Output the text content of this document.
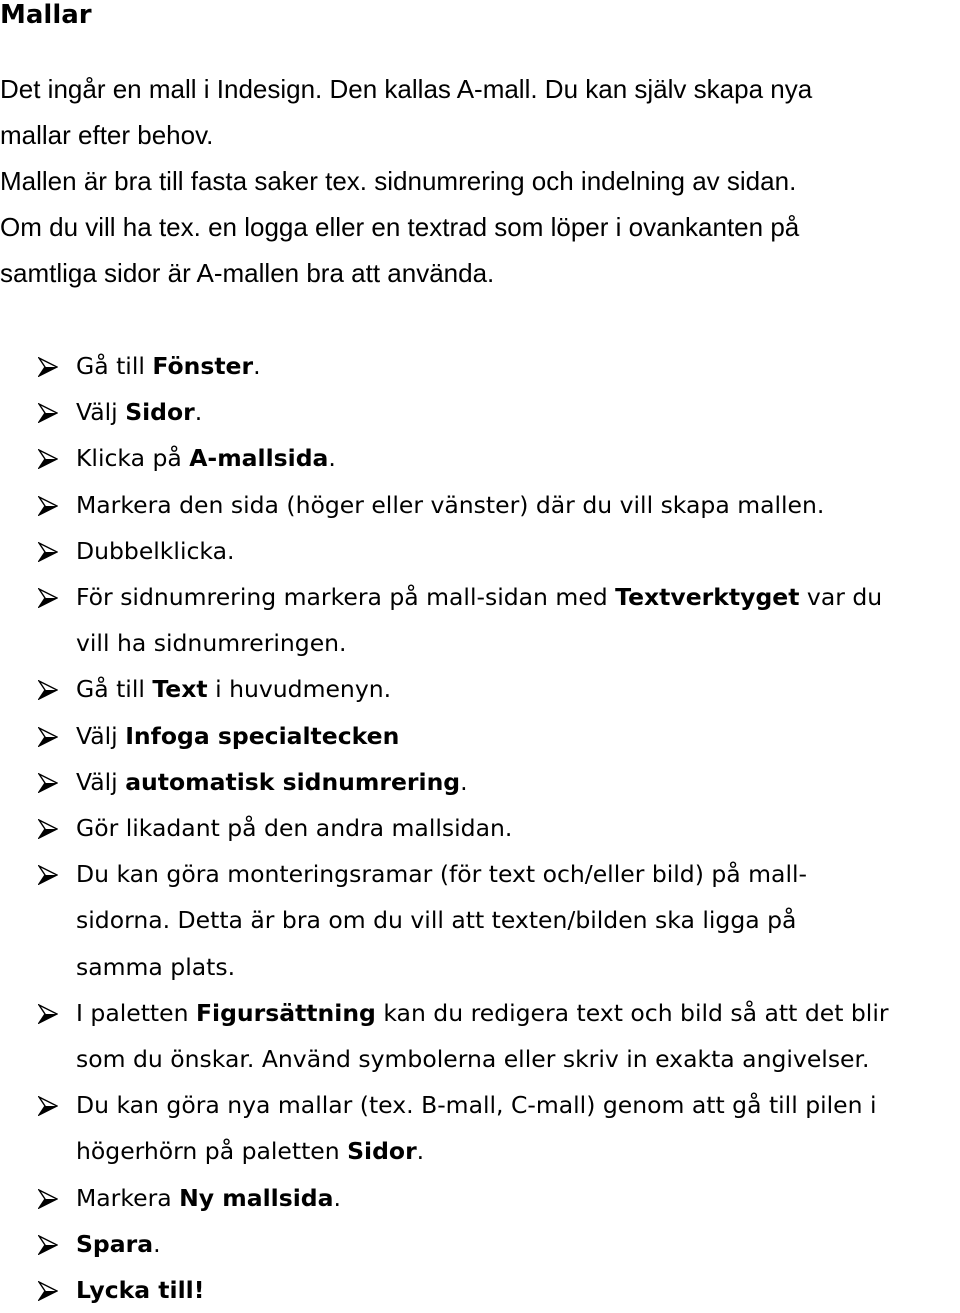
Mallar

Det ingår en mall i Indesign. Den kallas A-mall. Du kan själv skapa nya

mallar efter behov.

Mallen är bra till fasta saker tex. sidnumrering och indelning av sidan.

Om du vill ha tex. en logga eller en textrad som löper i ovankanten på

samtliga sidor är A-mallen bra att använda.

Gå till Fönster.
Välj Sidor.
Klicka på A-mallsida.
Markera den sida (höger eller vänster) där du vill skapa mallen.
Dubbelklicka.
För sidnumrering markera på mall-sidan med Textverktyget var du
vill ha sidnumreringen.
Gå till Text i huvudmenyn.
Välj Infoga specialtecken
Välj automatisk sidnumrering.
Gör likadant på den andra mallsidan.
Du kan göra monteringsramar (för text och/eller bild) på mall-
sidorna. Detta är bra om du vill att texten/bilden ska ligga på
samma plats.
I paletten Figursättning kan du redigera text och bild så att det blir
som du önskar. Använd symbolerna eller skriv in exakta angivelser.
Du kan göra nya mallar (tex. B-mall, C-mall) genom att gå till pilen i
högerhörn på paletten Sidor.
Markera Ny mallsida.
Spara.
Lycka till!
